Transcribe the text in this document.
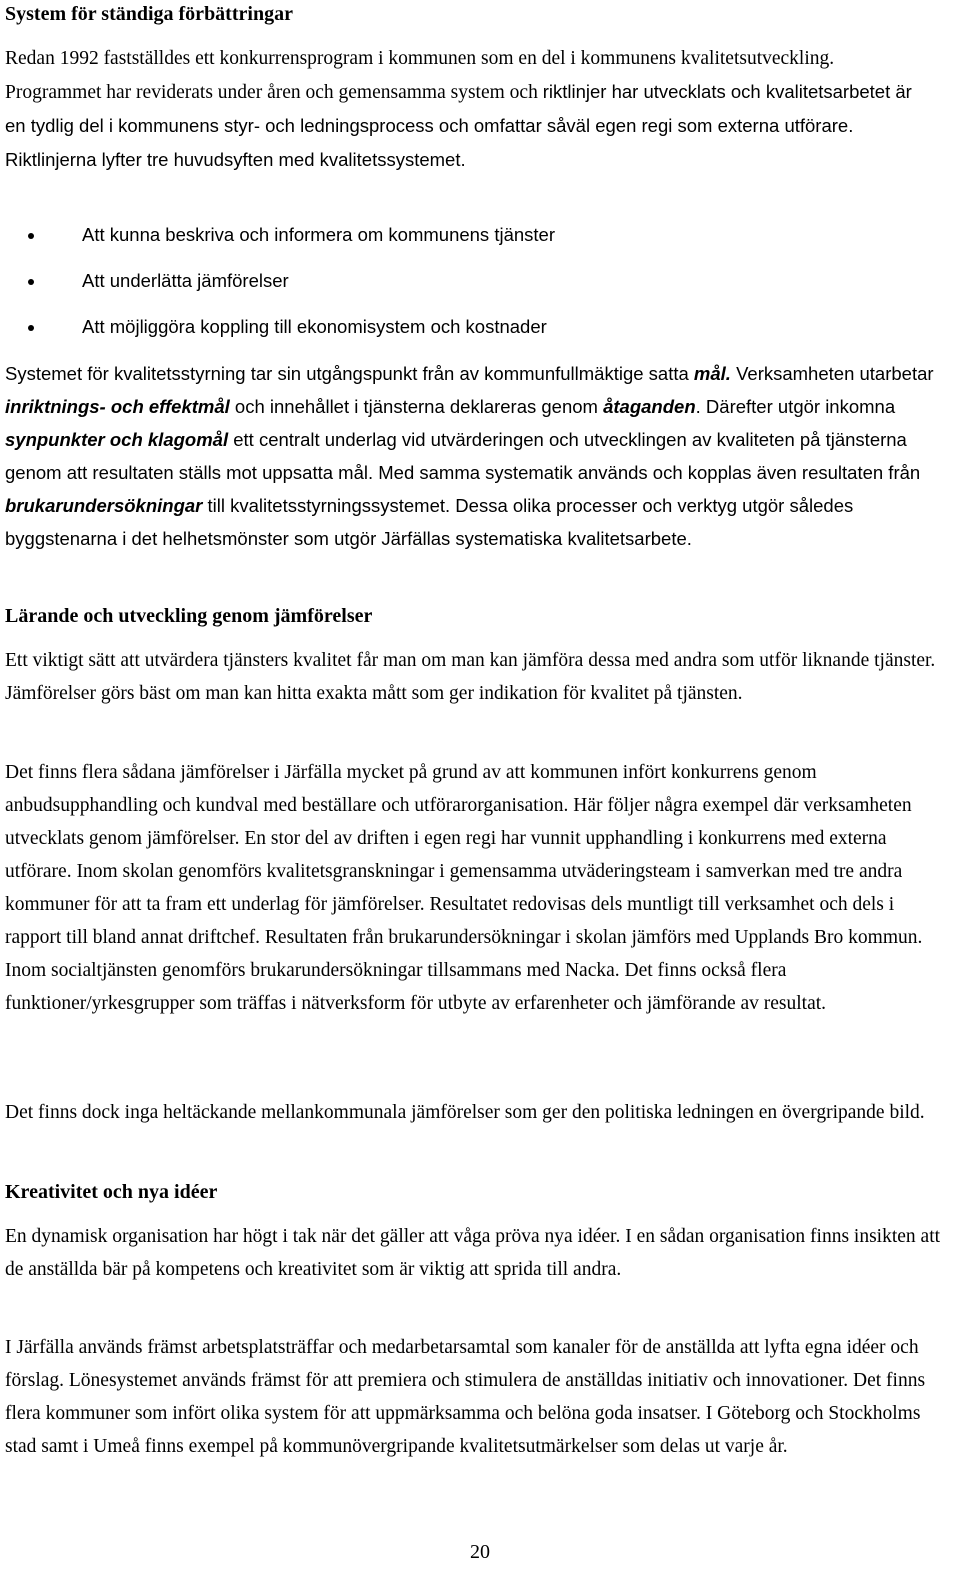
System för ständiga förbättringar

Redan 1992 fastställdes ett konkurrensprogram i kommunen som en del i kommunens kvalitetsutveckling. Programmet har reviderats under åren och gemensamma system och riktlinjer har utvecklats och kvalitetsarbetet är en tydlig del i kommunens styr- och ledningsprocess och omfattar såväl egen regi som externa utförare. Riktlinjerna lyfter tre huvudsyften med kvalitetssystemet.

Att kunna beskriva och informera om kommunens tjänster
Att underlätta jämförelser
Att möjliggöra koppling till ekonomisystem och kostnader

Systemet för kvalitetsstyrning tar sin utgångspunkt från av kommunfullmäktige satta mål. Verksamheten utarbetar inriktnings- och effektmål och innehållet i tjänsterna deklareras genom åtaganden. Därefter utgör inkomna synpunkter och klagomål ett centralt underlag vid utvärderingen och utvecklingen av kvaliteten på tjänsterna genom att resultaten ställs mot uppsatta mål. Med samma systematik används och kopplas även resultaten från brukarundersökningar till kvalitetsstyrningssystemet. Dessa olika processer och verktyg utgör således byggstenarna i det helhetsmönster som utgör Järfällas systematiska kvalitetsarbete.

Lärande och utveckling genom jämförelser

Ett viktigt sätt att utvärdera tjänsters kvalitet får man om man kan jämföra dessa med andra som utför liknande tjänster. Jämförelser görs bäst om man kan hitta exakta mått som ger indikation för kvalitet på tjänsten.

Det finns flera sådana jämförelser i Järfälla mycket på grund av att kommunen infört konkurrens genom anbudsupphandling och kundval med beställare och utförarorganisation. Här följer några exempel där verksamheten utvecklats genom jämförelser. En stor del av driften i egen regi har vunnit upphandling i konkurrens med externa utförare. Inom skolan genomförs kvalitetsgranskningar i gemensamma utväderingsteam i samverkan med tre andra kommuner för att ta fram ett underlag för jämförelser. Resultatet redovisas dels muntligt till verksamhet och dels i rapport till bland annat driftchef. Resultaten från brukarundersökningar i skolan jämförs med Upplands Bro kommun. Inom socialtjänsten genomförs brukarundersökningar tillsammans med Nacka. Det finns också flera funktioner/yrkesgrupper som träffas i nätverksform för utbyte av erfarenheter och jämförande av resultat.

Det finns dock inga heltäckande mellankommunala jämförelser som ger den politiska ledningen en övergripande bild.

Kreativitet och nya idéer

En dynamisk organisation har högt i tak när det gäller att våga pröva nya idéer. I en sådan organisation finns insikten att de anställda bär på kompetens och kreativitet som är viktig att sprida till andra.

I Järfälla används främst arbetsplatsträffar och medarbetarsamtal som kanaler för de anställda att lyfta egna idéer och förslag. Lönesystemet används främst för att premiera och stimulera de anställdas initiativ och innovationer. Det finns flera kommuner som infört olika system för att uppmärksamma och belöna goda insatser. I Göteborg och Stockholms stad samt i Umeå finns exempel på kommunövergripande kvalitetsutmärkelser som delas ut varje år.

20
